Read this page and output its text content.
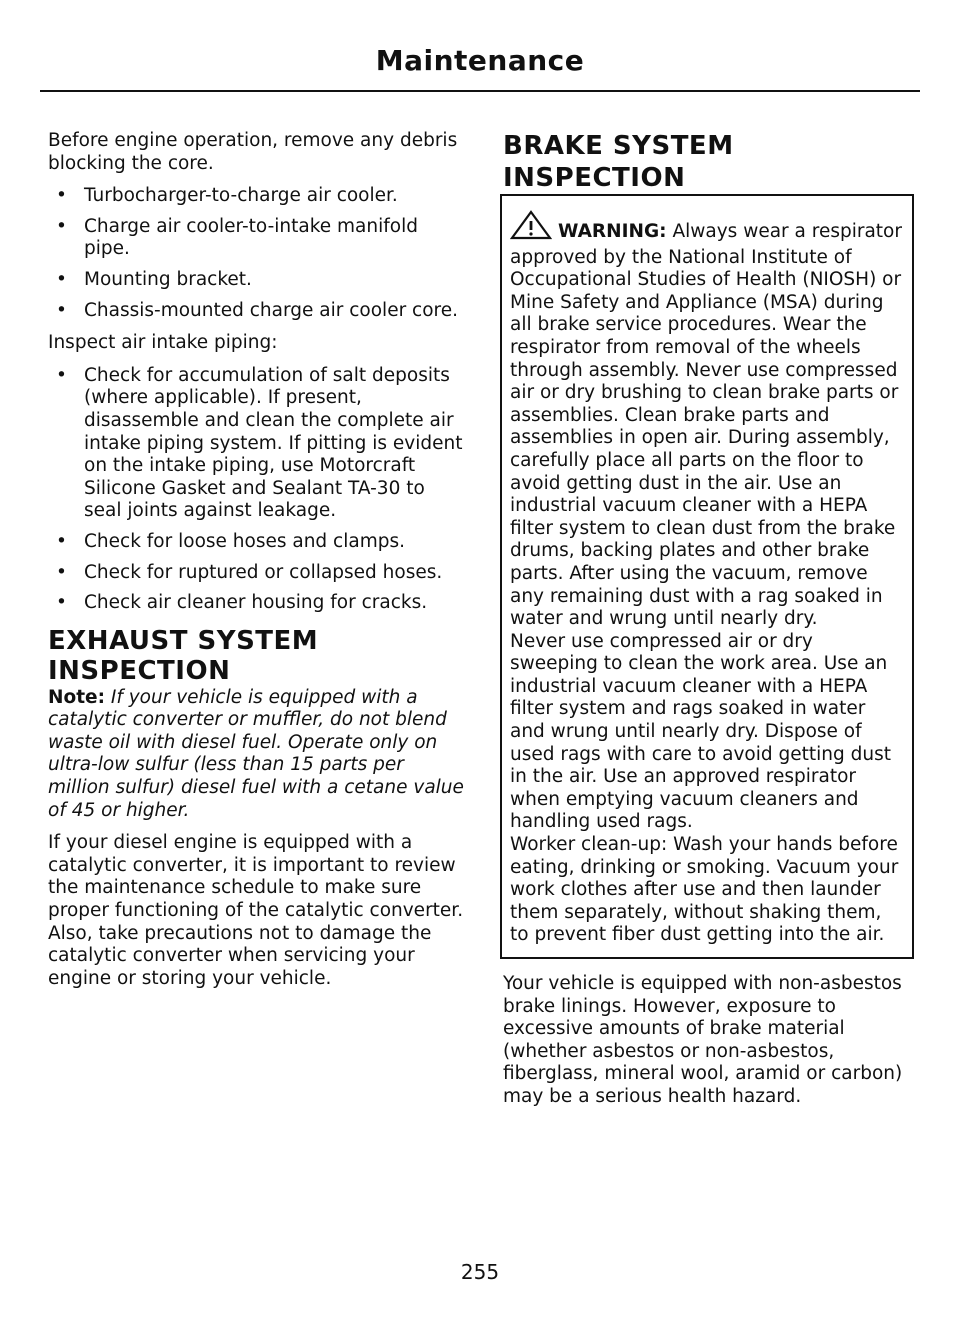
Maintenance

Before engine operation, remove any debris blocking the core.

• Turbocharger-to-charge air cooler.
• Charge air cooler-to-intake manifold pipe.
• Mounting bracket.
• Chassis-mounted charge air cooler core.

Inspect air intake piping:

• Check for accumulation of salt deposits (where applicable). If present, disassemble and clean the complete air intake piping system. If pitting is evident on the intake piping, use Motorcraft Silicone Gasket and Sealant TA-30 to seal joints against leakage.
• Check for loose hoses and clamps.
• Check for ruptured or collapsed hoses.
• Check air cleaner housing for cracks.
EXHAUST SYSTEM
INSPECTION

Note: If your vehicle is equipped with a catalytic converter or muffler, do not blend waste oil with diesel fuel. Operate only on ultra-low sulfur (less than 15 parts per million sulfur) diesel fuel with a cetane value of 45 or higher.

If your diesel engine is equipped with a catalytic converter, it is important to review the maintenance schedule to make sure proper functioning of the catalytic converter. Also, take precautions not to damage the catalytic converter when servicing your engine or storing your vehicle.

BRAKE SYSTEM INSPECTION

WARNING: Always wear a respirator approved by the National Institute of Occupational Studies of Health (NIOSH) or Mine Safety and Appliance (MSA) during all brake service procedures. Wear the respirator from removal of the wheels through assembly. Never use compressed air or dry brushing to clean brake parts or assemblies. Clean brake parts and assemblies in open air. During assembly, carefully place all parts on the floor to avoid getting dust in the air. Use an industrial vacuum cleaner with a HEPA filter system to clean dust from the brake drums, backing plates and other brake parts. After using the vacuum, remove any remaining dust with a rag soaked in water and wrung until nearly dry.

Never use compressed air or dry sweeping to clean the work area. Use an industrial vacuum cleaner with a HEPA filter system and rags soaked in water and wrung until nearly dry. Dispose of used rags with care to avoid getting dust in the air. Use an approved respirator when emptying vacuum cleaners and handling used rags.

Worker clean-up: Wash your hands before eating, drinking or smoking. Vacuum your work clothes after use and then launder them separately, without shaking them, to prevent fiber dust getting into the air.

Your vehicle is equipped with non-asbestos brake linings. However, exposure to excessive amounts of brake material (whether asbestos or non-asbestos, fiberglass, mineral wool, aramid or carbon) may be a serious health hazard.

255
